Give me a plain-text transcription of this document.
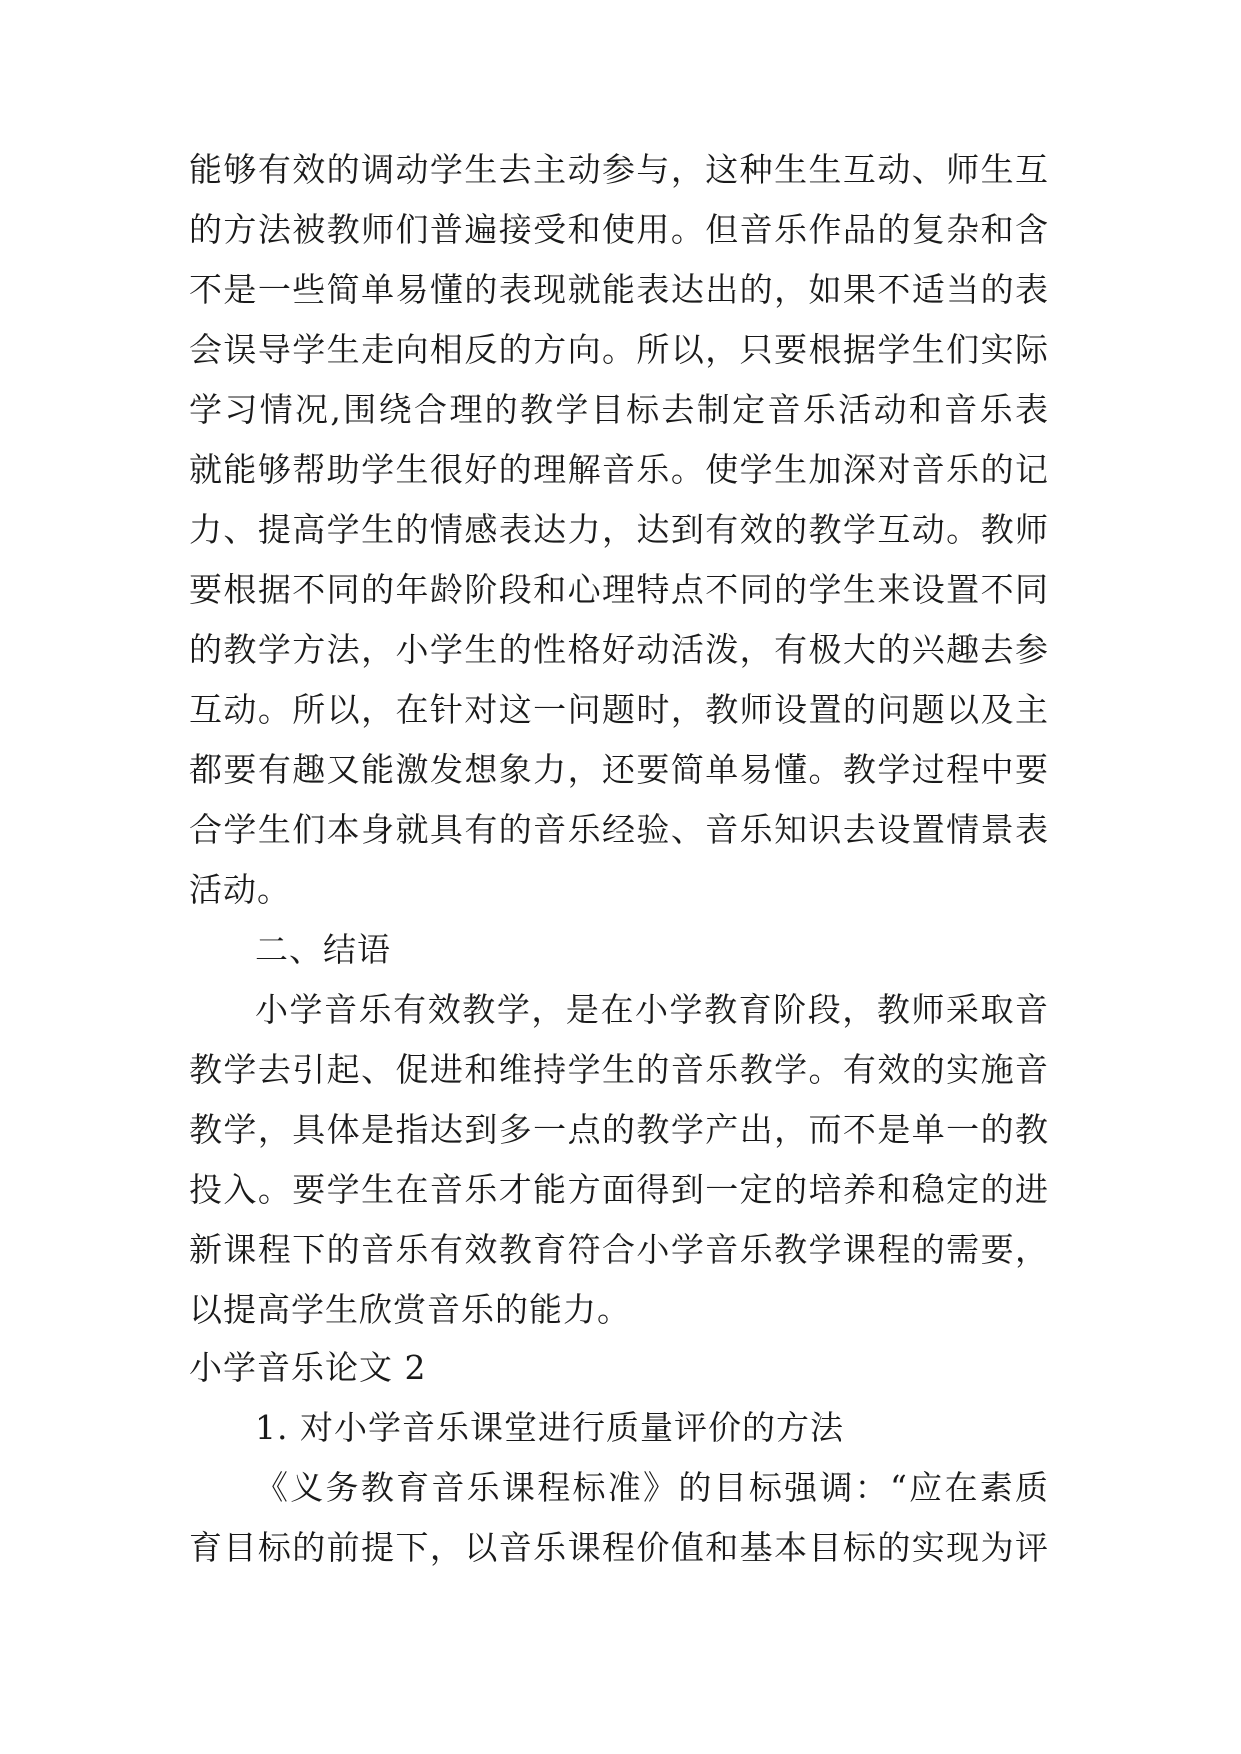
能够有效的调动学生去主动参与，这种生生互动、师生互
的方法被教师们普遍接受和使用。但音乐作品的复杂和含
不是一些简单易懂的表现就能表达出的，如果不适当的表
会误导学生走向相反的方向。所以，只要根据学生们实际
学习情况,围绕合理的教学目标去制定音乐活动和音乐表
就能够帮助学生很好的理解音乐。使学生加深对音乐的记
力、提高学生的情感表达力，达到有效的教学互动。教师
要根据不同的年龄阶段和心理特点不同的学生来设置不同
的教学方法，小学生的性格好动活泼，有极大的兴趣去参
互动。所以，在针对这一问题时，教师设置的问题以及主
都要有趣又能激发想象力，还要简单易懂。教学过程中要
合学生们本身就具有的音乐经验、音乐知识去设置情景表
活动。
二、结语
小学音乐有效教学，是在小学教育阶段，教师采取音
教学去引起、促进和维持学生的音乐教学。有效的实施音
教学，具体是指达到多一点的教学产出，而不是单一的教
投入。要学生在音乐才能方面得到一定的培养和稳定的进
新课程下的音乐有效教育符合小学音乐教学课程的需要，
以提高学生欣赏音乐的能力。
小学音乐论文 2
1. 对小学音乐课堂进行质量评价的方法
《义务教育音乐课程标准》的目标强调：“应在素质
育目标的前提下，以音乐课程价值和基本目标的实现为评
